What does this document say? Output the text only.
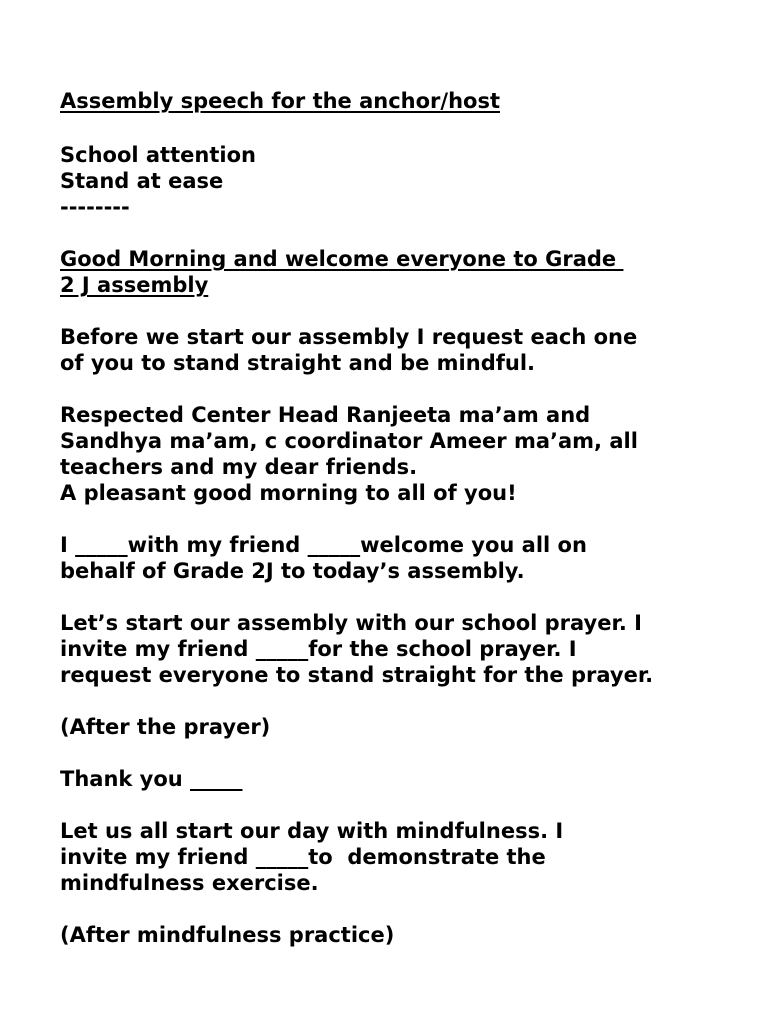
Assembly speech for the anchor/host
School attention
Stand at ease
--------
Good Morning and welcome everyone to Grade
2 J assembly
Before we start our assembly I request each one
of you to stand straight and be mindful.
Respected Center Head Ranjeeta ma’am and
Sandhya ma’am, c coordinator Ameer ma’am, all
teachers and my dear friends.
A pleasant good morning to all of you!
I _____with my friend _____welcome you all on
behalf of Grade 2J to today’s assembly.
Let’s start our assembly with our school prayer. I
invite my friend _____for the school prayer. I
request everyone to stand straight for the prayer.
(After the prayer)
Thank you _____
Let us all start our day with mindfulness. I
invite my friend _____to  demonstrate the
mindfulness exercise.
(After mindfulness practice)
